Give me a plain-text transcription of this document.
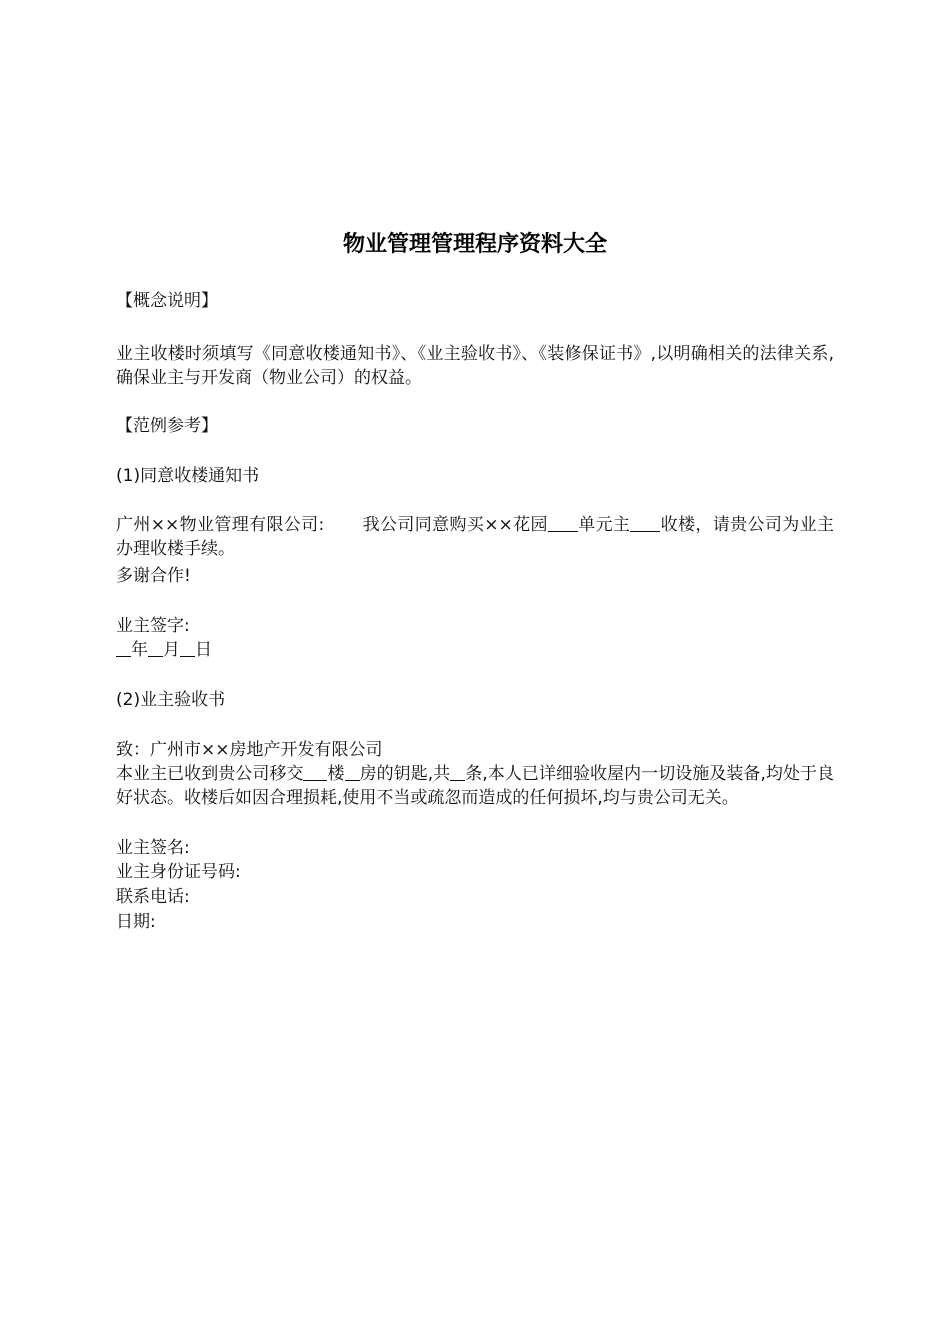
物业管理管理程序资料大全

【概念说明】

业主收楼时须填写《同意收楼通知书》、《业主验收书》、《装修保证书》,以明确相关的法律关系,确保业主与开发商（物业公司）的权益。

【范例参考】

(1)同意收楼通知书

广州××物业管理有限公司: 我公司同意购买××花园 单元主 收楼，请贵公司为业主办理收楼手续。

多谢合作!

业主签字:

年 月 日

(2)业主验收书

致：广州市××房地产开发有限公司

本业主已收到贵公司移交 楼 房的钥匙,共 条,本人已详细验收屋内一切设施及装备,均处于良好状态。收楼后如因合理损耗,使用不当或疏忽而造成的任何损坏,均与贵公司无关。

业主签名:

业主身份证号码:

联系电话:

日期:
